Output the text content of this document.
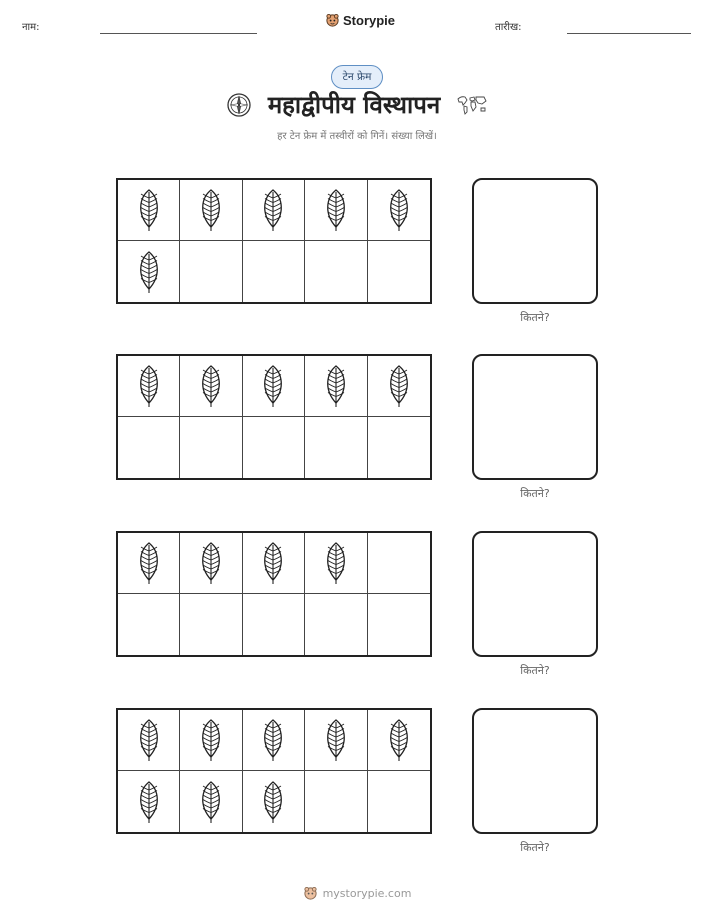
नाम:	Storypie	तारीख:
टेन फ्रेम
महाद्वीपीय विस्थापन
हर टेन फ्रेम में तस्वीरों को गिनें। संख्या लिखें।
कितने?
कितने?
कितने?
कितने?
mystorypie.com
